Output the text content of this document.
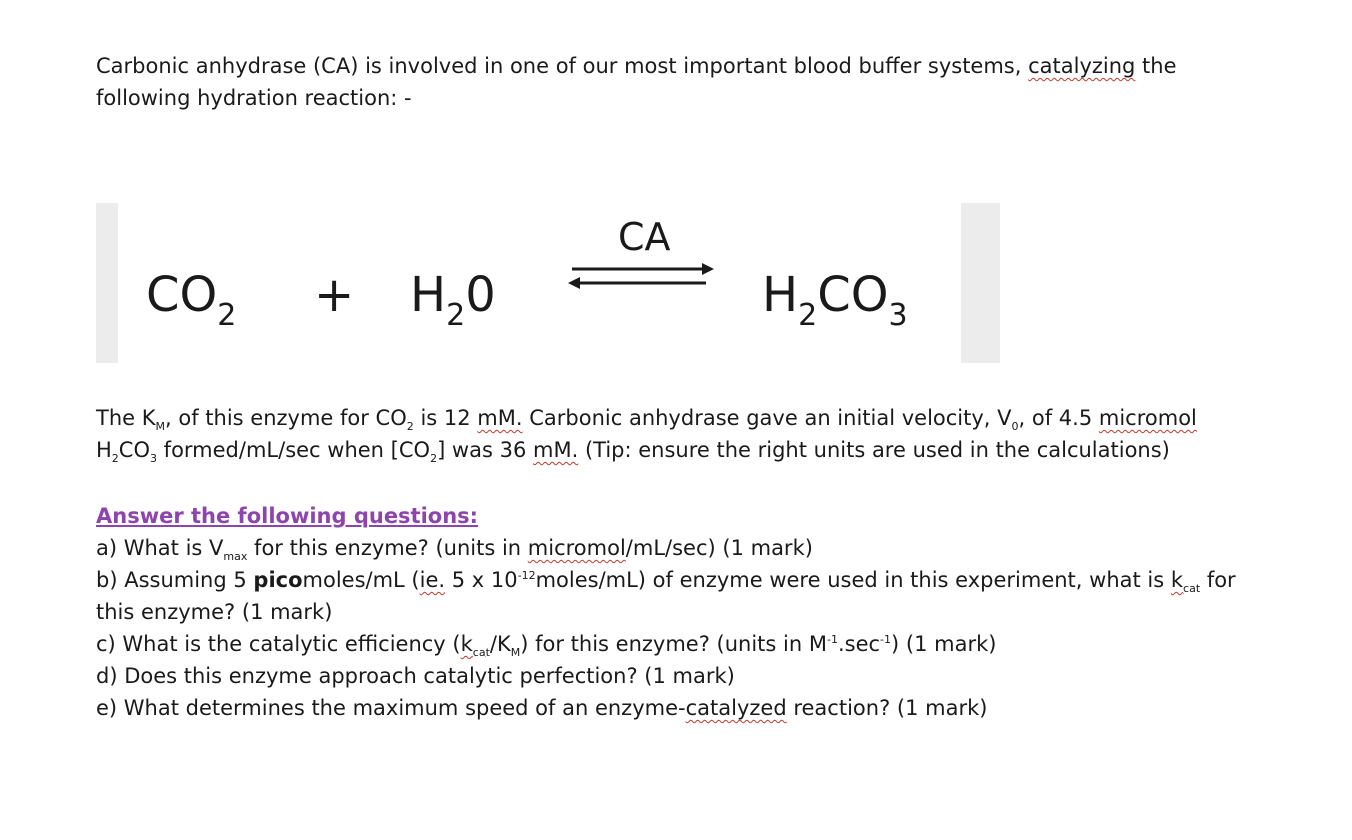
Carbonic anhydrase (CA) is involved in one of our most important blood buffer systems, catalyzing the following hydration reaction: -
$CO_2 + H_20$
CA
$H_2CO_3$
The $K_M$, of this enzyme for $CO_2$ is 12 mM. Carbonic anhydrase gave an initial velocity, $V_0$, of 4.5 micromol $H_2CO_3$ formed/mL/sec when $[CO_2]$ was 36 mM. (Tip: ensure the right units are used in the calculations)
Answer the following questions:
a) What is $V_{max}$ for this enzyme? (units in micromol/mL/sec) (1 mark)
b) Assuming 5 picomoles/mL (ie. 5 x $10^{-12}moles/mL$) of enzyme were used in this experiment, what is $k_{cat}$ for this enzyme? (1 mark)
c) What is the catalytic efficiency $(k_{cat}/K_M)$ for this enzyme? (units in $M^{-1}.\sec^{-1}$) (1 mark)
d) Does this enzyme approach catalytic perfection? (1 mark)
e) What determines the maximum speed of an enzyme-catalyzed reaction? (1 mark)
